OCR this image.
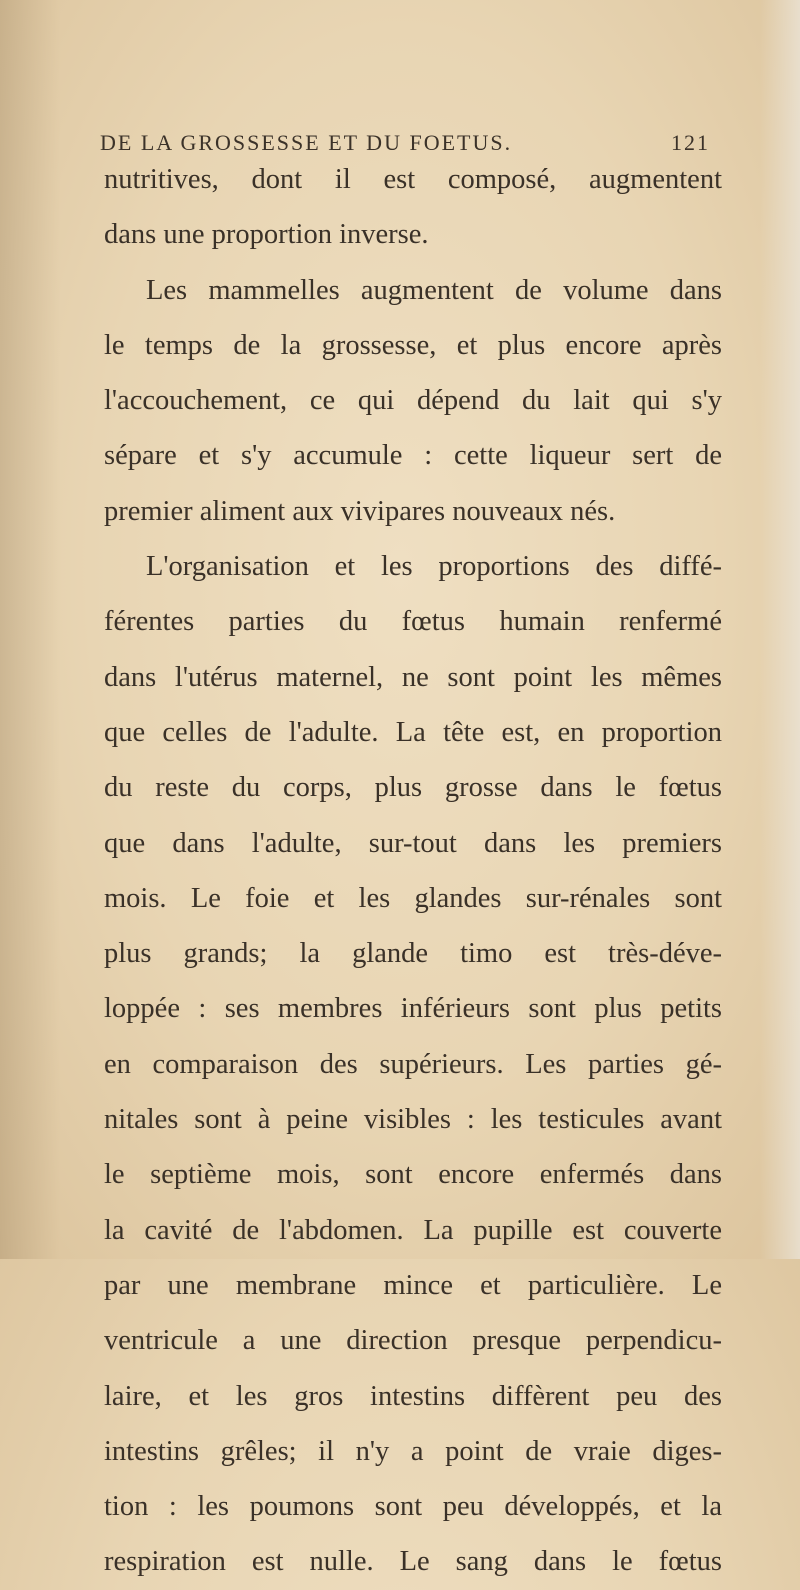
DE LA GROSSESSE ET DU FOETUS.	121
nutritives, dont il est composé, augmentent
dans une proportion inverse.
Les mammelles augmentent de volume dans
le temps de la grossesse, et plus encore après
l'accouchement, ce qui dépend du lait qui s'y
sépare et s'y accumule : cette liqueur sert de
premier aliment aux vivipares nouveaux nés.
L'organisation et les proportions des diffé-
férentes parties du fœtus humain renfermé
dans l'utérus maternel, ne sont point les mêmes
que celles de l'adulte. La tête est, en proportion
du reste du corps, plus grosse dans le fœtus
que dans l'adulte, sur-tout dans les premiers
mois. Le foie et les glandes sur-rénales sont
plus grands; la glande timo est très-déve-
loppée : ses membres inférieurs sont plus petits
en comparaison des supérieurs. Les parties gé-
nitales sont à peine visibles : les testicules avant
le septième mois, sont encore enfermés dans
la cavité de l'abdomen. La pupille est couverte
par une membrane mince et particulière. Le
ventricule a une direction presque perpendicu-
laire, et les gros intestins diffèrent peu des
intestins grêles; il n'y a point de vraie diges-
tion : les poumons sont peu développés, et la
respiration est nulle. Le sang dans le fœtus
